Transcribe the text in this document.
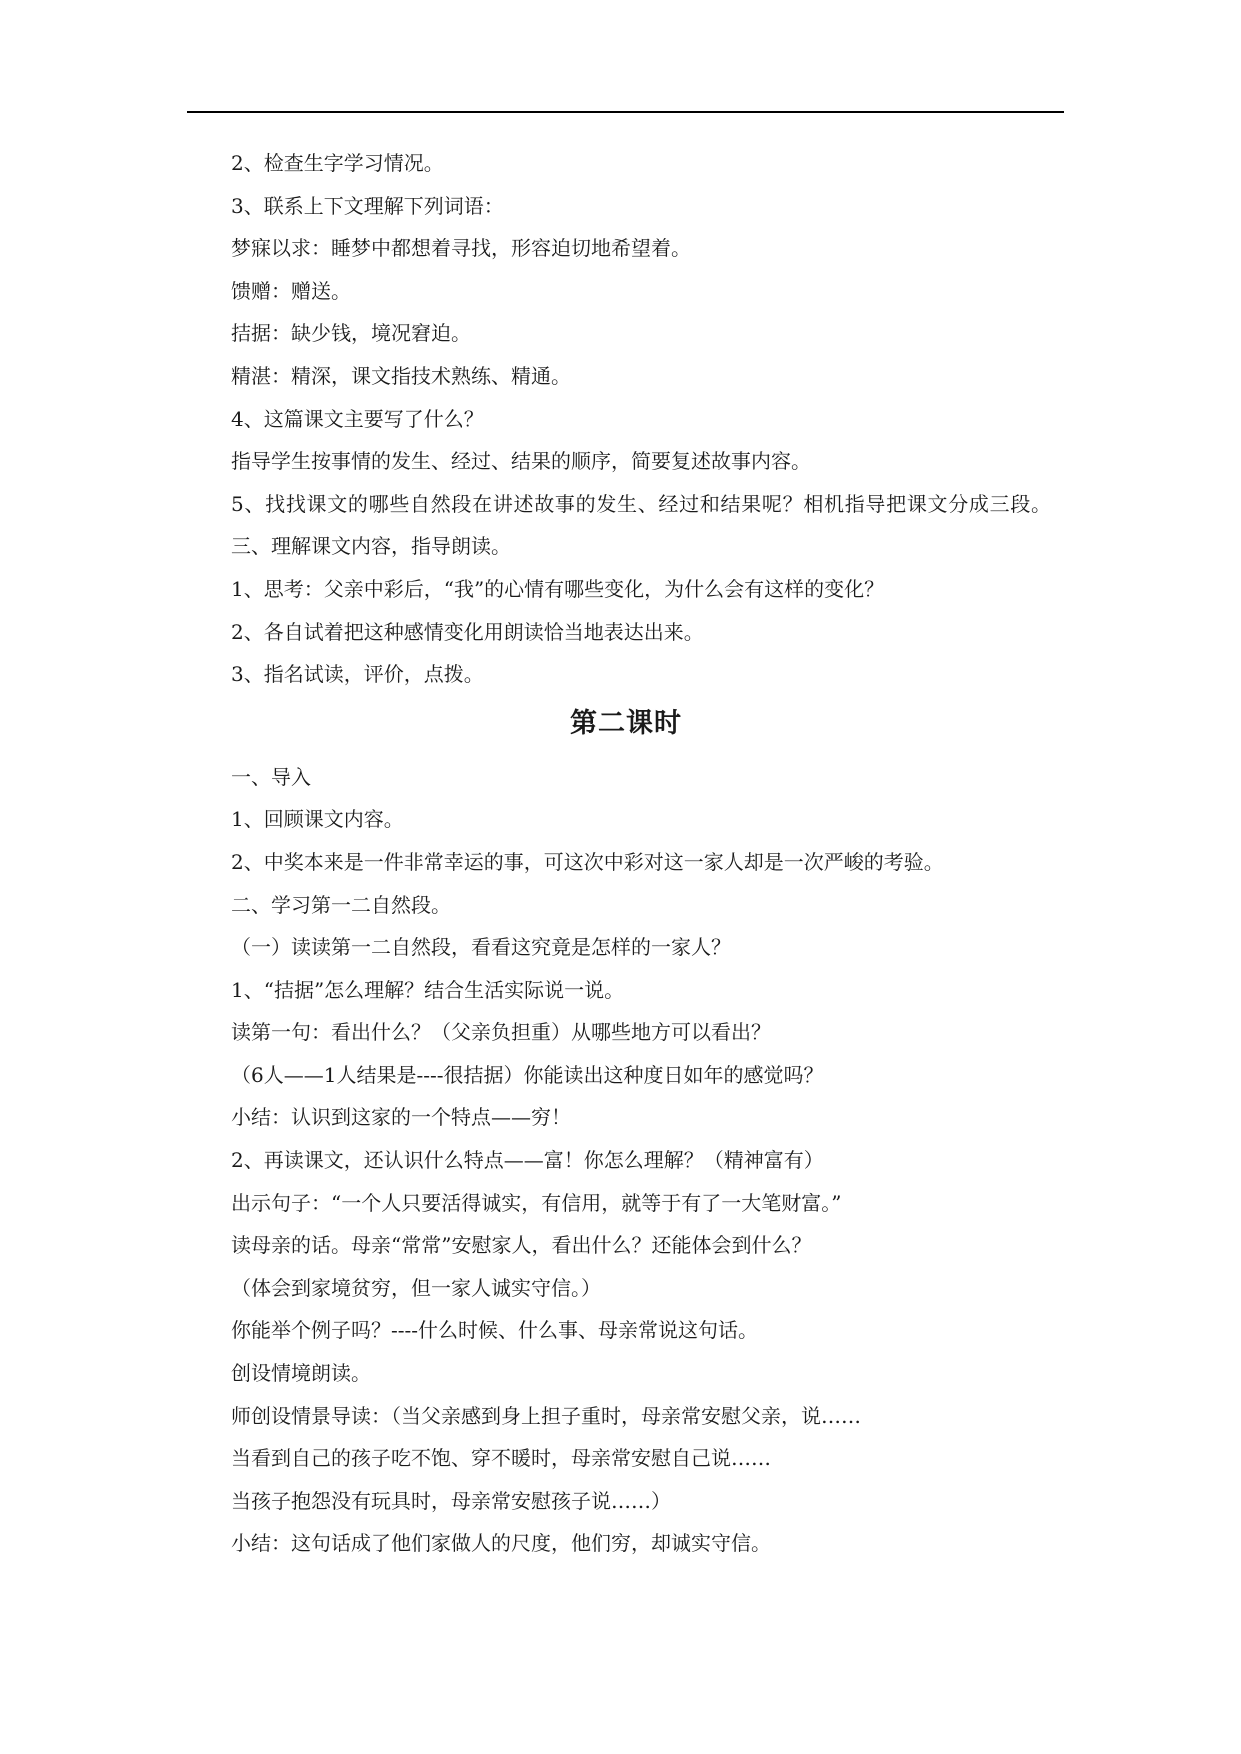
2、检查生字学习情况。

3、联系上下文理解下列词语：

梦寐以求：睡梦中都想着寻找，形容迫切地希望着。

馈赠：赠送。

拮据：缺少钱，境况窘迫。

精湛：精深，课文指技术熟练、精通。

4、这篇课文主要写了什么？

指导学生按事情的发生、经过、结果的顺序，简要复述故事内容。

5、找找课文的哪些自然段在讲述故事的发生、经过和结果呢？相机指导把课文分成三段。

三、理解课文内容，指导朗读。

1、思考：父亲中彩后，“我”的心情有哪些变化，为什么会有这样的变化？

2、各自试着把这种感情变化用朗读恰当地表达出来。

3、指名试读，评价，点拨。

第二课时

一、导入

1、回顾课文内容。

2、中奖本来是一件非常幸运的事，可这次中彩对这一家人却是一次严峻的考验。

二、学习第一二自然段。

（一）读读第一二自然段，看看这究竟是怎样的一家人？

1、“拮据”怎么理解？结合生活实际说一说。

读第一句：看出什么？（父亲负担重）从哪些地方可以看出？

（6人——1人结果是----很拮据）你能读出这种度日如年的感觉吗？

小结：认识到这家的一个特点——穷！

2、再读课文，还认识什么特点——富！你怎么理解？（精神富有）

出示句子：“一个人只要活得诚实，有信用，就等于有了一大笔财富。”

读母亲的话。母亲“常常”安慰家人，看出什么？还能体会到什么？

（体会到家境贫穷，但一家人诚实守信。）

你能举个例子吗？----什么时候、什么事、母亲常说这句话。

创设情境朗读。

师创设情景导读：（当父亲感到身上担子重时，母亲常安慰父亲，说……

当看到自己的孩子吃不饱、穿不暖时，母亲常安慰自己说……

当孩子抱怨没有玩具时，母亲常安慰孩子说……）

小结：这句话成了他们家做人的尺度，他们穷，却诚实守信。
